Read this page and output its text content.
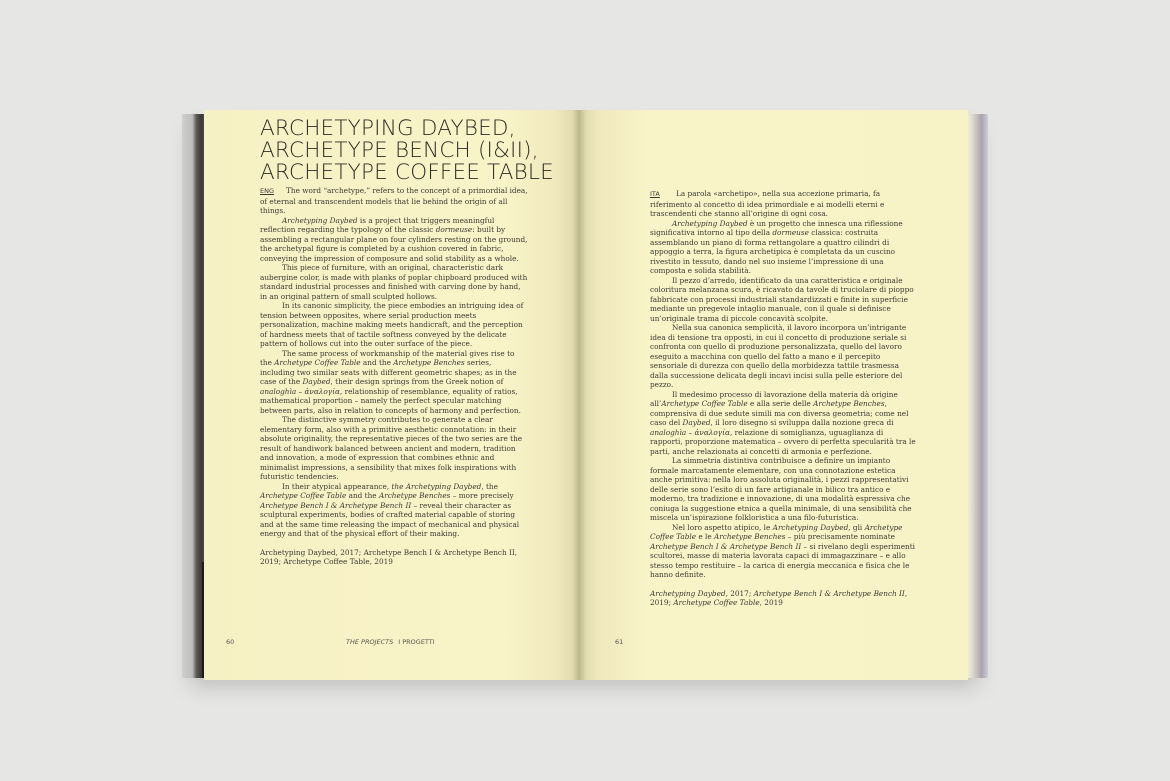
ARCHETYPING DAYBED,
ARCHETYPE BENCH (I&II),
ARCHETYPE COFFEE TABLE

ENG The word “archetype,” refers to the concept of a primordial idea, of eternal and transcendent models that lie behind the origin of all things.

Archetyping Daybed is a project that triggers meaningful reflection regarding the typology of the classic dormeuse: built by assembling a rectangular plane on four cylinders resting on the ground, the archetypal figure is completed by a cushion covered in fabric, conveying the impression of composure and solid stability as a whole.

This piece of furniture, with an original, characteristic dark aubergine color, is made with planks of poplar chipboard produced with standard industrial processes and finished with carving done by hand, in an original pattern of small sculpted hollows.

In its canonic simplicity, the piece embodies an intriguing idea of tension between opposites, where serial production meets personalization, machine making meets handicraft, and the perception of hardness meets that of tactile softness conveyed by the delicate pattern of hollows cut into the outer surface of the piece.

The same process of workmanship of the material gives rise to the Archetype Coffee Table and the Archetype Benches series, including two similar seats with different geometric shapes; as in the case of the Daybed, their design springs from the Greek notion of analoghìa – ἀναλογία, relationship of resemblance, equality of ratios, mathematical proportion – namely the perfect specular matching between parts, also in relation to concepts of harmony and perfection.

The distinctive symmetry contributes to generate a clear elementary form, also with a primitive aesthetic connotation: in their absolute originality, the representative pieces of the two series are the result of handiwork balanced between ancient and modern, tradition and innovation, a mode of expression that combines ethnic and minimalist impressions, a sensibility that mixes folk inspirations with futuristic tendencies.

In their atypical appearance, the Archetyping Daybed, the Archetype Coffee Table and the Archetype Benches – more precisely Archetype Bench I & Archetype Bench II – reveal their character as sculptural experiments, bodies of crafted material capable of storing and at the same time releasing the impact of mechanical and physical energy and that of the physical effort of their making.

Archetyping Daybed, 2017; Archetype Bench I & Archetype Bench II, 2019; Archetype Coffee Table, 2019

60	THE PROJECTS I PROGETTI

ITA La parola «archetipo», nella sua accezione primaria, fa riferimento al concetto di idea primordiale e ai modelli eterni e trascendenti che stanno all’origine di ogni cosa.

Archetyping Daybed è un progetto che innesca una riflessione significativa intorno al tipo della dormeuse classica: costruita assemblando un piano di forma rettangolare a quattro cilindri di appoggio a terra, la figura archetipica è completata da un cuscino rivestito in tessuto, dando nel suo insieme l’impressione di una composta e solida stabilità.

Il pezzo d’arredo, identificato da una caratteristica e originale coloritura melanzana scura, è ricavato da tavole di truciolare di pioppo fabbricate con processi industriali standardizzati e finite in superficie mediante un pregevole intaglio manuale, con il quale si definisce un’originale trama di piccole concavità scolpite.

Nella sua canonica semplicità, il lavoro incorpora un’intrigante idea di tensione tra opposti, in cui il concetto di produzione seriale si confronta con quello di produzione personalizzata, quello del lavoro eseguito a macchina con quello del fatto a mano e il percepito sensoriale di durezza con quello della morbidezza tattile trasmessa dalla successione delicata degli incavi incisi sulla pelle esteriore del pezzo.

Il medesimo processo di lavorazione della materia dà origine all’Archetype Coffee Table e alla serie delle Archetype Benches, comprensiva di due sedute simili ma con diversa geometria; come nel caso del Daybed, il loro disegno si sviluppa dalla nozione greca di analoghìa – ἀναλογία, relazione di somiglianza, uguaglianza di rapporti, proporzione matematica – ovvero di perfetta specularità tra le parti, anche relazionata ai concetti di armonia e perfezione.

La simmetria distintiva contribuisce a definire un impianto formale marcatamente elementare, con una connotazione estetica anche primitiva: nella loro assoluta originalità, i pezzi rappresentativi delle serie sono l’esito di un fare artigianale in bilico tra antico e moderno, tra tradizione e innovazione, di una modalità espressiva che coniuga la suggestione etnica a quella minimale, di una sensibilità che miscela un’ispirazione folkloristica a una filo-futuristica.

Nel loro aspetto atipico, le Archetyping Daybed, gli Archetype Coffee Table e le Archetype Benches – più precisamente nominate Archetype Bench I & Archetype Bench II – si rivelano degli esperimenti scultorei, masse di materia lavorata capaci di immagazzinare – e allo stesso tempo restituire – la carica di energia meccanica e fisica che le hanno definite.

Archetyping Daybed, 2017; Archetype Bench I & Archetype Bench II, 2019; Archetype Coffee Table, 2019

61
